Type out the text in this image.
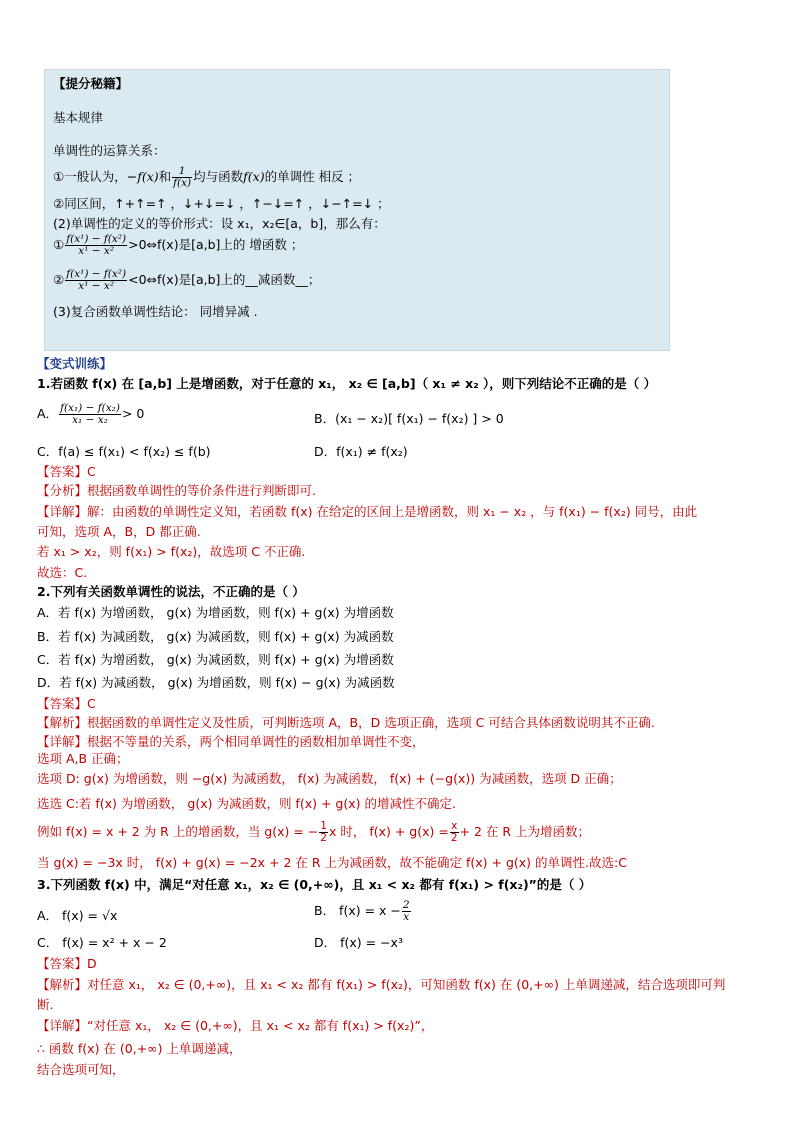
【提分秘籍】
基本规律
单调性的运算关系：
①一般认为，−f(x)和 $\frac{1}{f(x)}$ 均与函数f(x)的单调性 相反 ；
②同区间，↑+↑=↑ ，↓+↓=↓ ，↑−↓=↑ ，↓−↑=↓ ；
(2)单调性的定义的等价形式：设 x₁，x₂∈[a，b]，那么有：
① $\frac{\text{f(x¹) − f(x²)}}{\text{x¹ − x²}}$ >0⇔f(x)是[a,b]上的 增函数 ；
② $\frac{\text{f(x¹) − f(x²)}}{\text{x¹ − x²}}$ <0⇔f(x)是[a,b]上的__减函数__；
(3)复合函数单调性结论： 同增异减 .
【变式训练】
1.若函数 f(x) 在 [a,b] 上是增函数，对于任意的 x₁， x₂ ∈ [a,b]（ x₁ ≠ x₂ ），则下列结论不正确的是（ ）
A． $\frac{\text{f(x₁) − f(x₂)}}{\text{x₁ − x₂}} > 0$	B．(x₁ − x₂)[ f(x₁) − f(x₂) ] > 0
C．f(a) ≤ f(x₁) < f(x₂) ≤ f(b)	D．f(x₁) ≠ f(x₂)
【答案】C
【分析】根据函数单调性的等价条件进行判断即可.
【详解】解：由函数的单调性定义知，若函数 f(x) 在给定的区间上是增函数，则 x₁ − x₂ ，与 f(x₁) − f(x₂) 同号，由此
可知，选项 A，B，D 都正确.
若 x₁ > x₂，则 f(x₁) > f(x₂)，故选项 C 不正确.
故选：C.
2.下列有关函数单调性的说法，不正确的是（ ）
A．若 f(x) 为增函数， g(x) 为增函数，则 f(x) + g(x) 为增函数
B．若 f(x) 为减函数， g(x) 为减函数，则 f(x) + g(x) 为减函数
C．若 f(x) 为增函数， g(x) 为减函数，则 f(x) + g(x) 为增函数
D．若 f(x) 为减函数， g(x) 为增函数，则 f(x) − g(x) 为减函数
【答案】C
【解析】根据函数的单调性定义及性质，可判断选项 A，B，D 选项正确，选项 C 可结合具体函数说明其不正确.
【详解】根据不等量的关系，两个相同单调性的函数相加单调性不变，
选项 A,B 正确；
选项 D: g(x) 为增函数，则 −g(x) 为减函数， f(x) 为减函数， f(x) + (−g(x)) 为减函数，选项 D 正确；
选选 C:若 f(x) 为增函数， g(x) 为减函数，则 f(x) + g(x) 的增减性不确定.
例如 f(x) = x + 2 为 R 上的增函数，当 g(x) = − $\frac{1}{2}$ x 时， $f(x) + g(x) = \frac{x}{2} + 2$ 在 R 上为增函数；
当 g(x) = −3x 时， f(x) + g(x) = −2x + 2 在 R 上为减函数，故不能确定 f(x) + g(x) 的单调性.故选:C
3.下列函数 f(x) 中，满足“对任意 x₁，x₂ ∈ (0,+∞)，且 x₁ < x₂ 都有 f(x₁) > f(x₂)”的是（ ）
A． f(x) = √x	B． $f(x) = x - \frac{2}{x}$
C． f(x) = x² + x − 2	D． f(x) = −x³
【答案】D
【解析】对任意 x₁， x₂ ∈ (0,+∞)，且 x₁ < x₂ 都有 f(x₁) > f(x₂)，可知函数 f(x) 在 (0,+∞) 上单调递减，结合选项即可判
断.
【详解】“对任意 x₁， x₂ ∈ (0,+∞)，且 x₁ < x₂ 都有 f(x₁) > f(x₂)”，
∴ 函数 f(x) 在 (0,+∞) 上单调递减，
结合选项可知，
